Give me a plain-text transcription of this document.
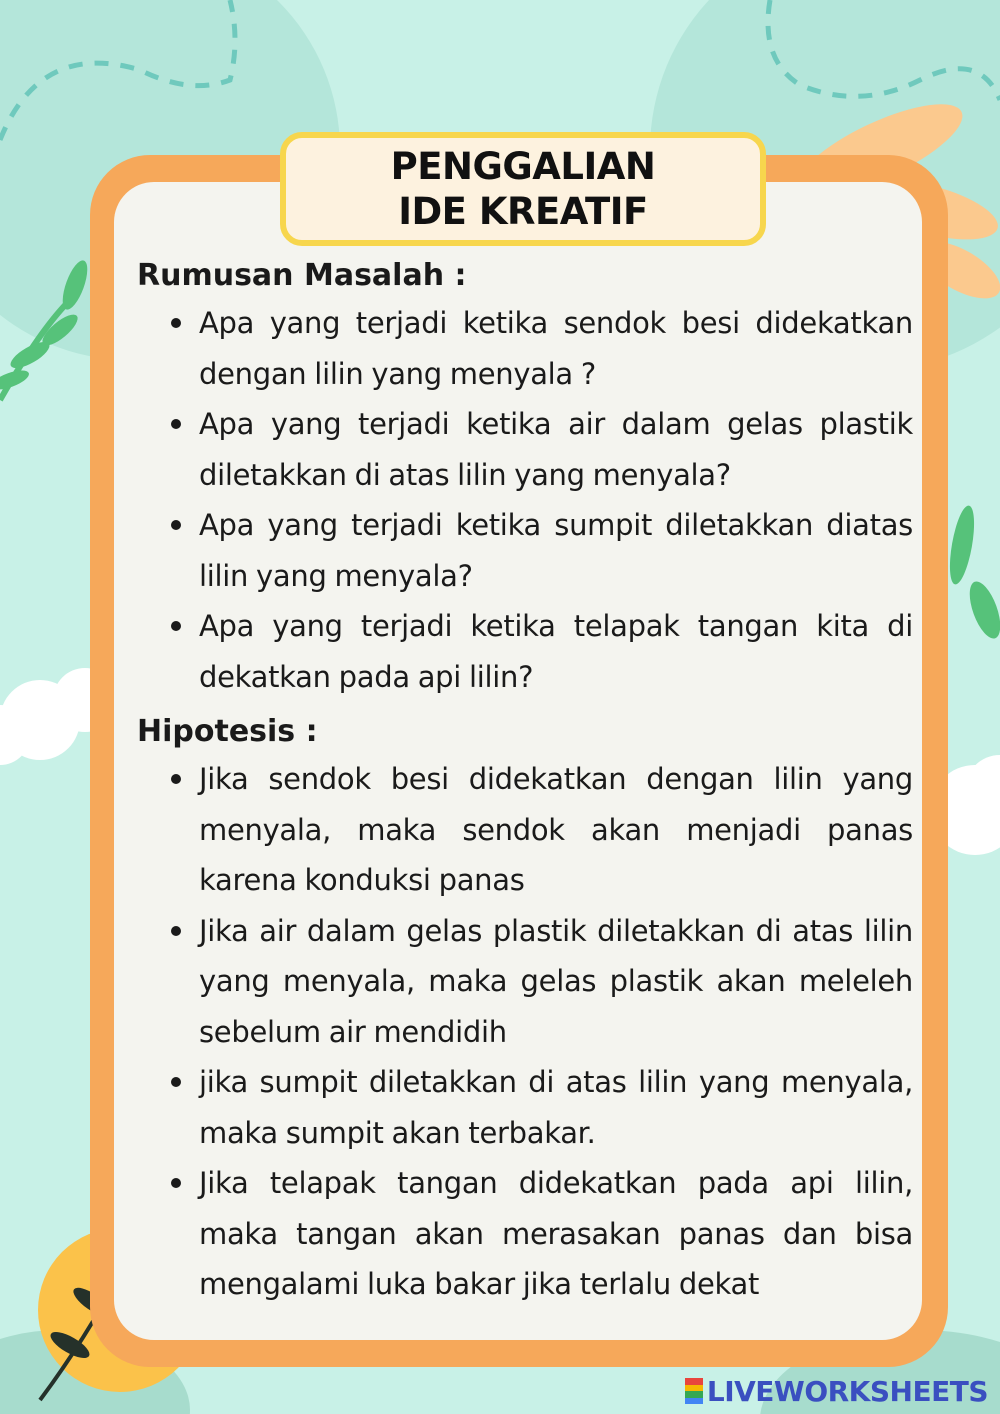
PENGGALIAN
IDE KREATIF
Rumusan Masalah :
Apa yang terjadi ketika sendok besi didekatkan dengan lilin yang menyala ?
Apa yang terjadi ketika air dalam gelas plastik diletakkan di atas lilin yang menyala?
Apa yang terjadi ketika sumpit diletakkan diatas lilin yang menyala?
Apa yang terjadi ketika telapak tangan kita di dekatkan pada api lilin?
Hipotesis :
Jika sendok besi didekatkan dengan lilin yang menyala, maka sendok akan menjadi panas karena konduksi panas
Jika air dalam gelas plastik diletakkan di atas lilin yang menyala, maka gelas plastik akan meleleh sebelum air mendidih
jika sumpit diletakkan di atas lilin yang menyala, maka sumpit akan terbakar.
Jika telapak tangan didekatkan pada api lilin, maka tangan akan merasakan panas dan bisa mengalami luka bakar jika terlalu dekat
LIVEWORKSHEETS
